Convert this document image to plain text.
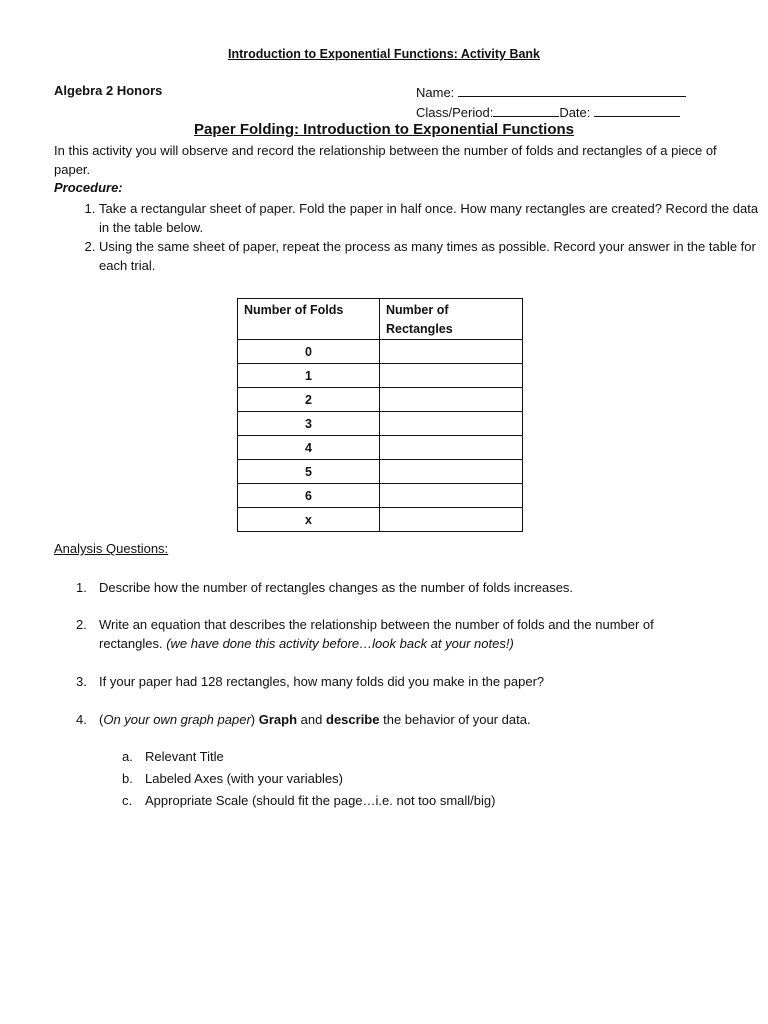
Introduction to Exponential Functions: Activity Bank
Algebra 2 Honors	Name:
Class/Period:	Date:
Paper Folding: Introduction to Exponential Functions
In this activity you will observe and record the relationship between the number of folds and rectangles of a piece of paper.
Procedure:
1. Take a rectangular sheet of paper. Fold the paper in half once. How many rectangles are created? Record the data in the table below.
2. Using the same sheet of paper, repeat the process as many times as possible. Record your answer in the table for each trial.
Number of Folds	Number of Rectangles
0	
1	
2	
3	
4	
5	
6	
x	
Analysis Questions:
1. Describe how the number of rectangles changes as the number of folds increases.
2. Write an equation that describes the relationship between the number of folds and the number of rectangles. (we have done this activity before…look back at your notes!)
3. If your paper had 128 rectangles, how many folds did you make in the paper?
4. (On your own graph paper) Graph and describe the behavior of your data.
a. Relevant Title
b. Labeled Axes (with your variables)
c. Appropriate Scale (should fit the page…i.e. not too small/big)
